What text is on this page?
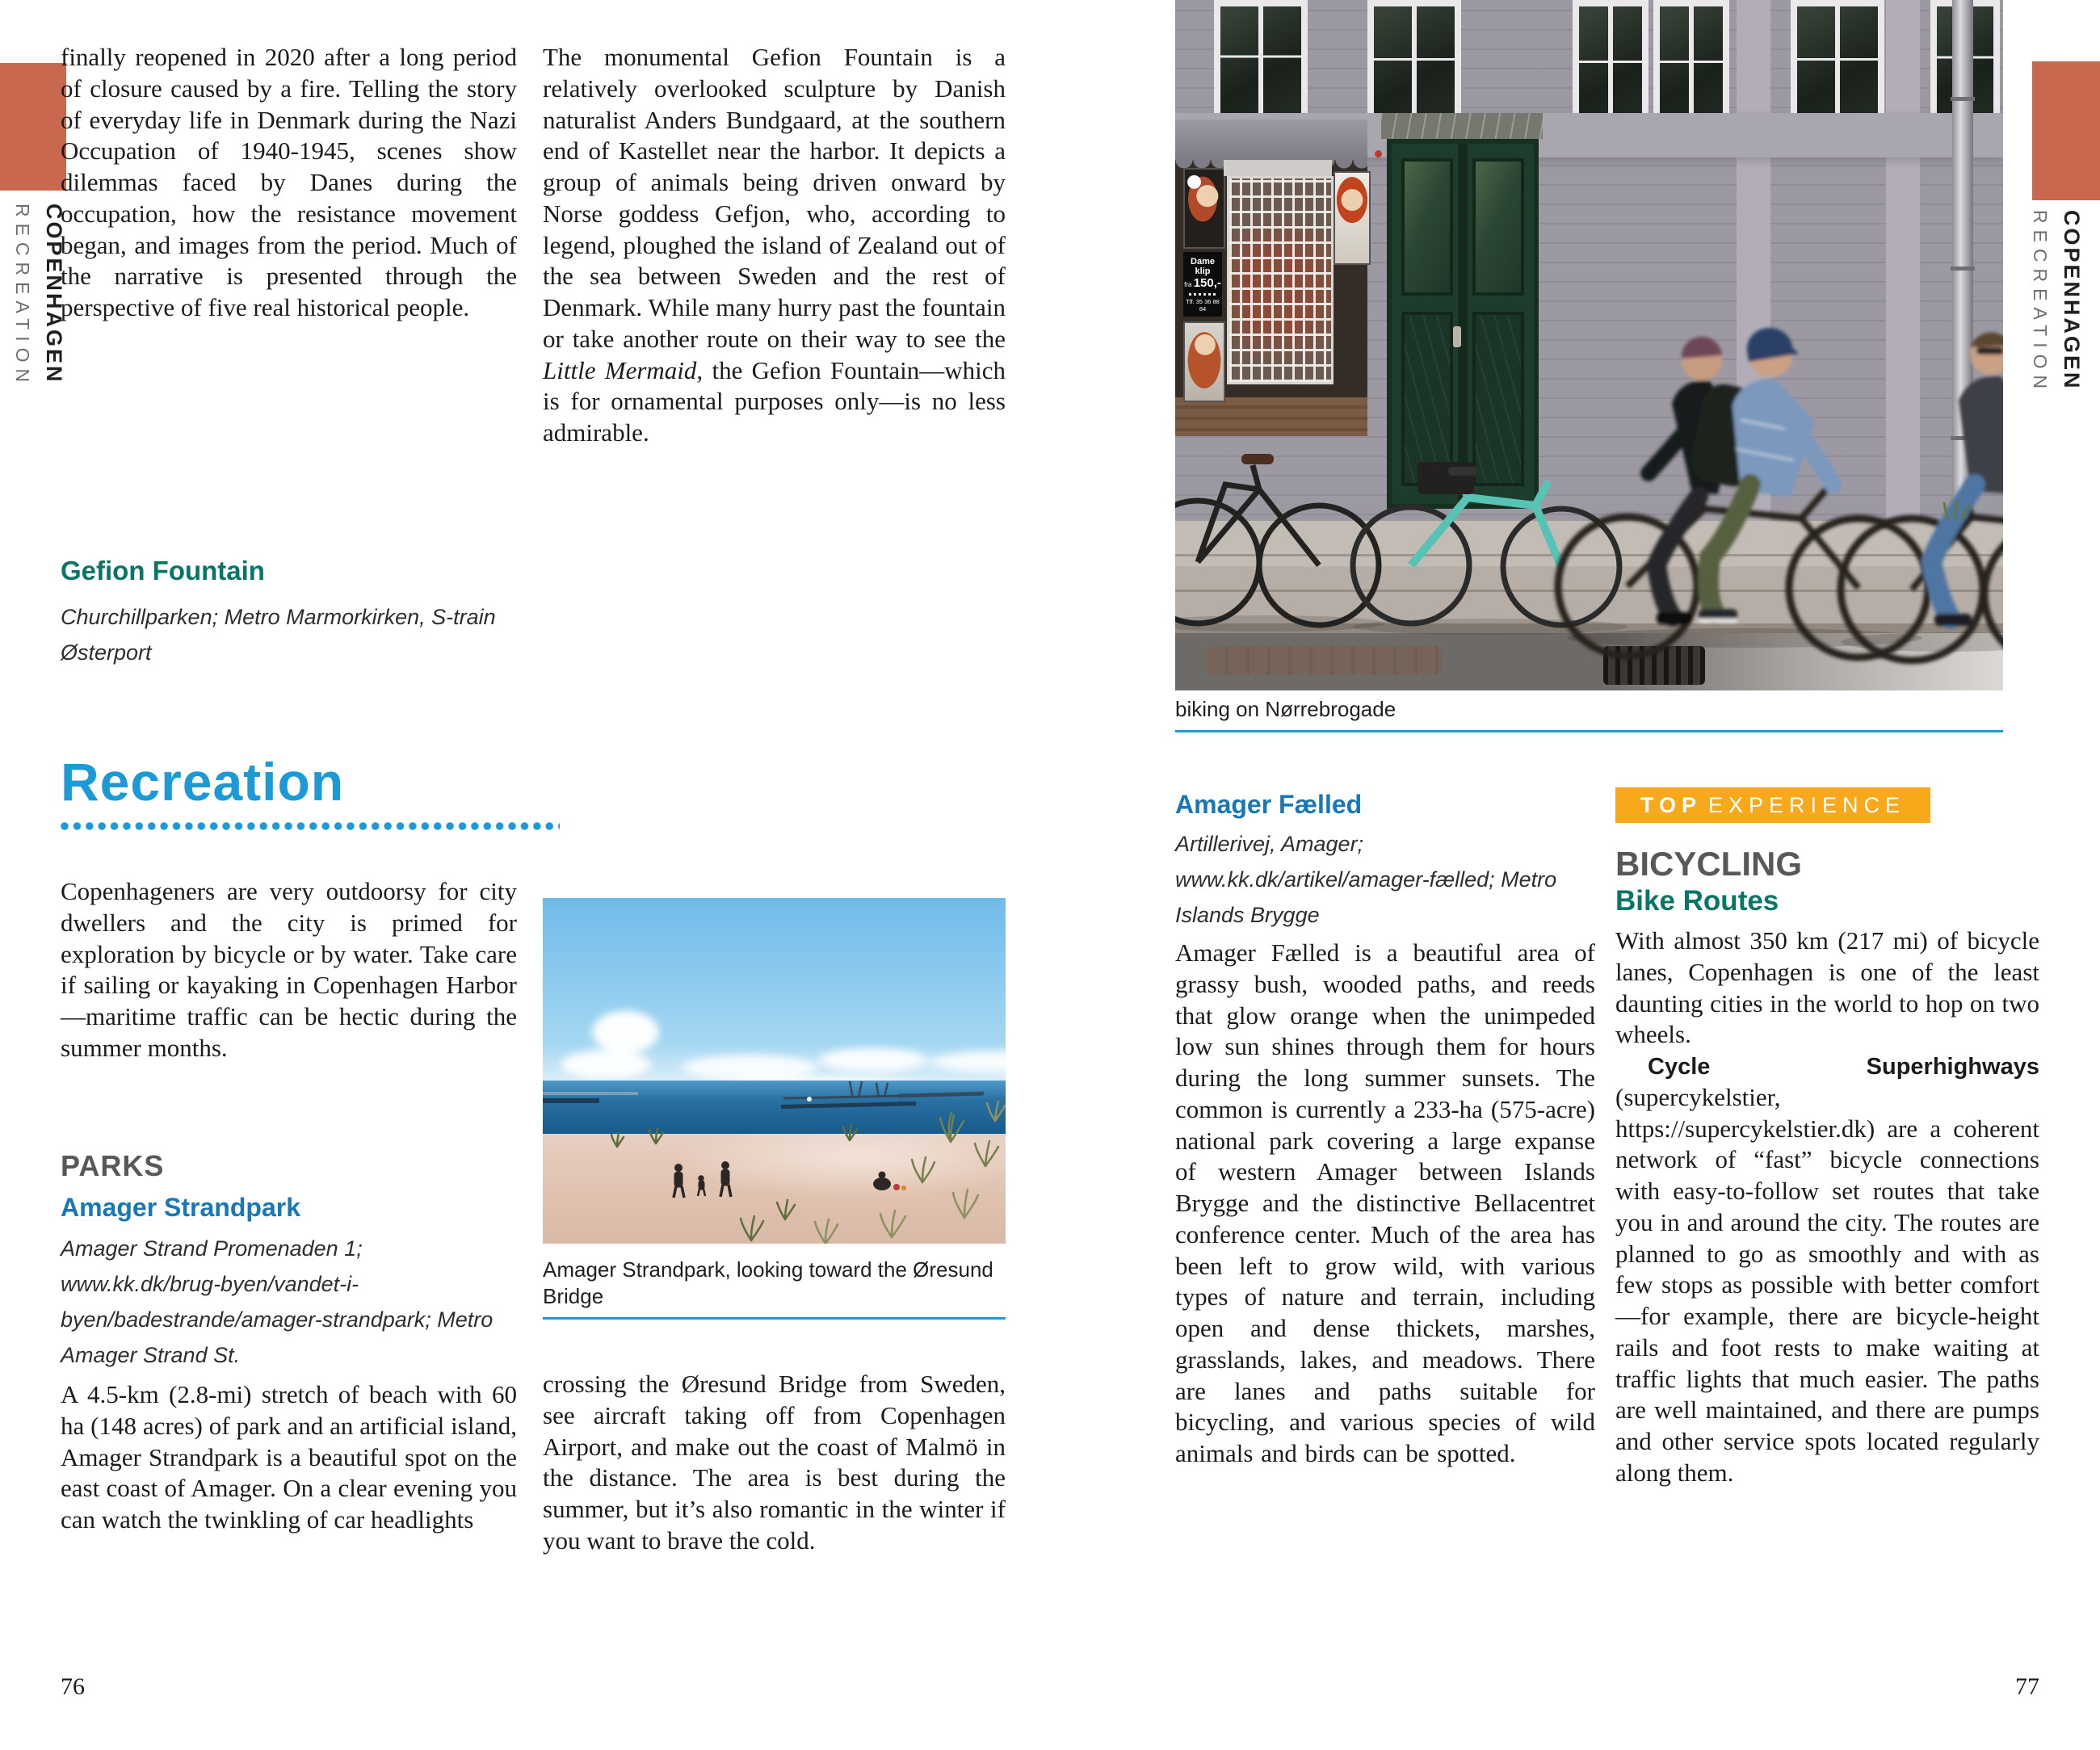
COPENHAGEN
RECREATION	COPENHAGEN
RECREATION

finally reopened in 2020 after a long period of closure caused by a fire. Telling the story of everyday life in Denmark during the Nazi Occupation of 1940-1945, scenes show dilemmas faced by Danes during the occupation, how the resistance movement began, and images from the period. Much of the narrative is presented through the perspective of five real historical people.

Gefion Fountain

Churchillparken; Metro Marmorkirken, S-train Østerport

The monumental Gefion Fountain is a relatively overlooked sculpture by Danish naturalist Anders Bundgaard, at the southern end of Kastellet near the harbor. It depicts a group of animals being driven onward by Norse goddess Gefjon, who, according to legend, ploughed the island of Zealand out of the sea between Sweden and the rest of Denmark. While many hurry past the fountain or take another route on their way to see the Little Mermaid, the Gefion Fountain—which is for ornamental purposes only—is no less admirable.

Recreation

Copenhageners are very outdoorsy for city dwellers and the city is primed for exploration by bicycle or by water. Take care if sailing or kayaking in Copenhagen Harbor—maritime traffic can be hectic during the summer months.

PARKS
Amager Strandpark

Amager Strand Promenaden 1; www.kk.dk/brug-byen/vandet-i-byen/badestrande/amager-strandpark; Metro Amager Strand St.

A 4.5-km (2.8-mi) stretch of beach with 60 ha (148 acres) of park and an artificial island, Amager Strandpark is a beautiful spot on the east coast of Amager. On a clear evening you can watch the twinkling of car headlights

Amager Strandpark, looking toward the Øresund Bridge

crossing the Øresund Bridge from Sweden, see aircraft taking off from Copenhagen Airport, and make out the coast of Malmö in the distance. The area is best during the summer, but it’s also romantic in the winter if you want to brave the cold.

76
Dame klip
fra 150,-
Tlf. 35 36 88 84

biking on Nørrebrogade

Amager Fælled

Artillerivej, Amager; www.kk.dk/artikel/amager-fælled; Metro Islands Brygge

Amager Fælled is a beautiful area of grassy bush, wooded paths, and reeds that glow orange when the unimpeded low sun shines through them for hours during the long summer sunsets. The common is currently a 233-ha (575-acre) national park covering a large expanse of western Amager between Islands Brygge and the distinctive Bellacentret conference center. Much of the area has been left to grow wild, with various types of nature and terrain, including open and dense thickets, marshes, grasslands, lakes, and meadows. There are lanes and paths suitable for bicycling, and various species of wild animals and birds can be spotted.

TOP EXPERIENCE
BICYCLING
Bike Routes

With almost 350 km (217 mi) of bicycle lanes, Copenhagen is one of the least daunting cities in the world to hop on two wheels.

Cycle Superhighways (supercykelstier, https://supercykelstier.dk) are a coherent network of “fast” bicycle connections with easy-to-follow set routes that take you in and around the city. The routes are planned to go as smoothly and with as few stops as possible with better comfort—for example, there are bicycle-height rails and foot rests to make waiting at traffic lights that much easier. The paths are well maintained, and there are pumps and other service spots located regularly along them.

77
